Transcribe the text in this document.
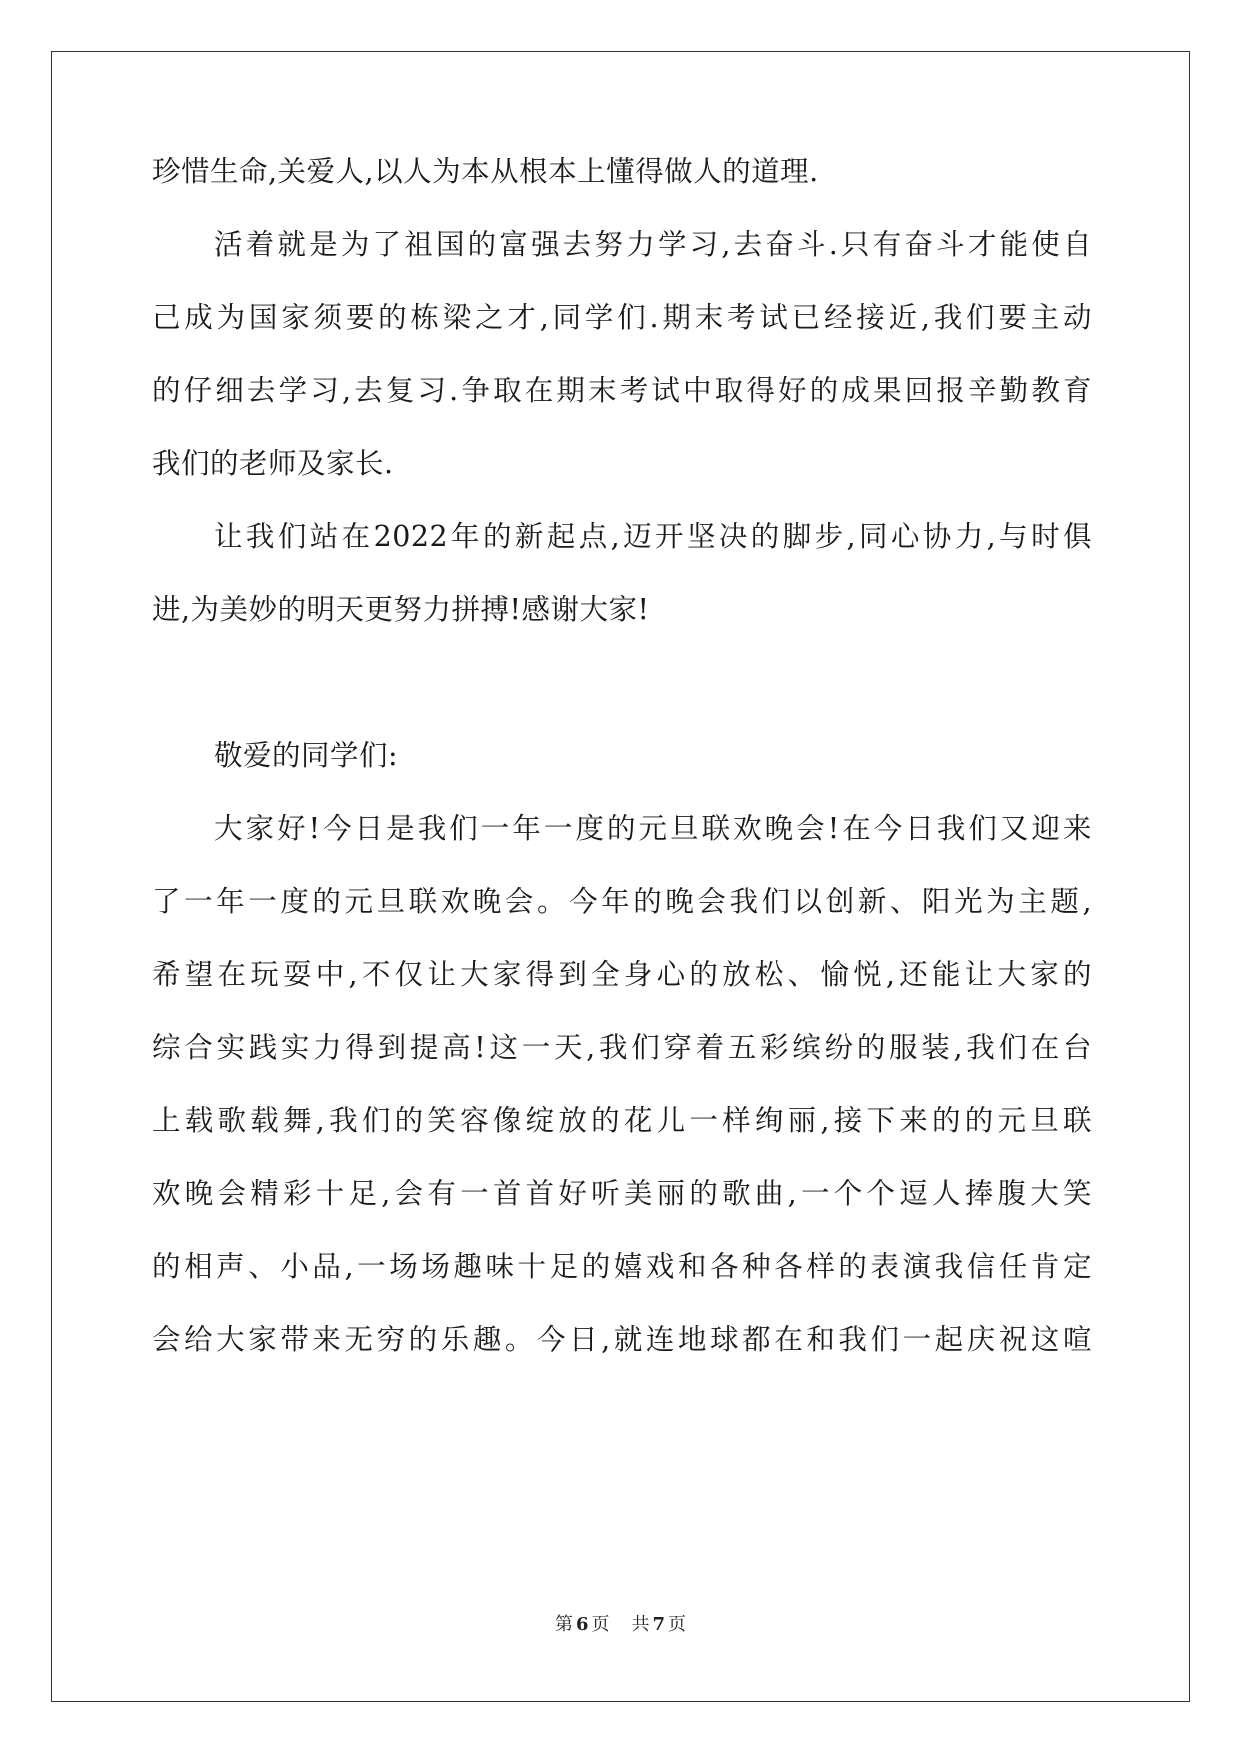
珍惜生命,关爱人,以人为本从根本上懂得做人的道理.
活着就是为了祖国的富强去努力学习,去奋斗.只有奋斗才能使自
己成为国家须要的栋梁之才,同学们.期末考试已经接近,我们要主动
的仔细去学习,去复习.争取在期末考试中取得好的成果回报辛勤教育
我们的老师及家长.
让我们站在2022年的新起点,迈开坚决的脚步,同心协力,与时俱
进,为美妙的明天更努力拼搏!感谢大家!
敬爱的同学们:
大家好!今日是我们一年一度的元旦联欢晚会!在今日我们又迎来
了一年一度的元旦联欢晚会。今年的晚会我们以创新、阳光为主题,
希望在玩耍中,不仅让大家得到全身心的放松、愉悦,还能让大家的
综合实践实力得到提高!这一天,我们穿着五彩缤纷的服装,我们在台
上载歌载舞,我们的笑容像绽放的花儿一样绚丽,接下来的的元旦联
欢晚会精彩十足,会有一首首好听美丽的歌曲,一个个逗人捧腹大笑
的相声、小品,一场场趣味十足的嬉戏和各种各样的表演我信任肯定
会给大家带来无穷的乐趣。今日,就连地球都在和我们一起庆祝这喧
第 6 页 共 7 页
